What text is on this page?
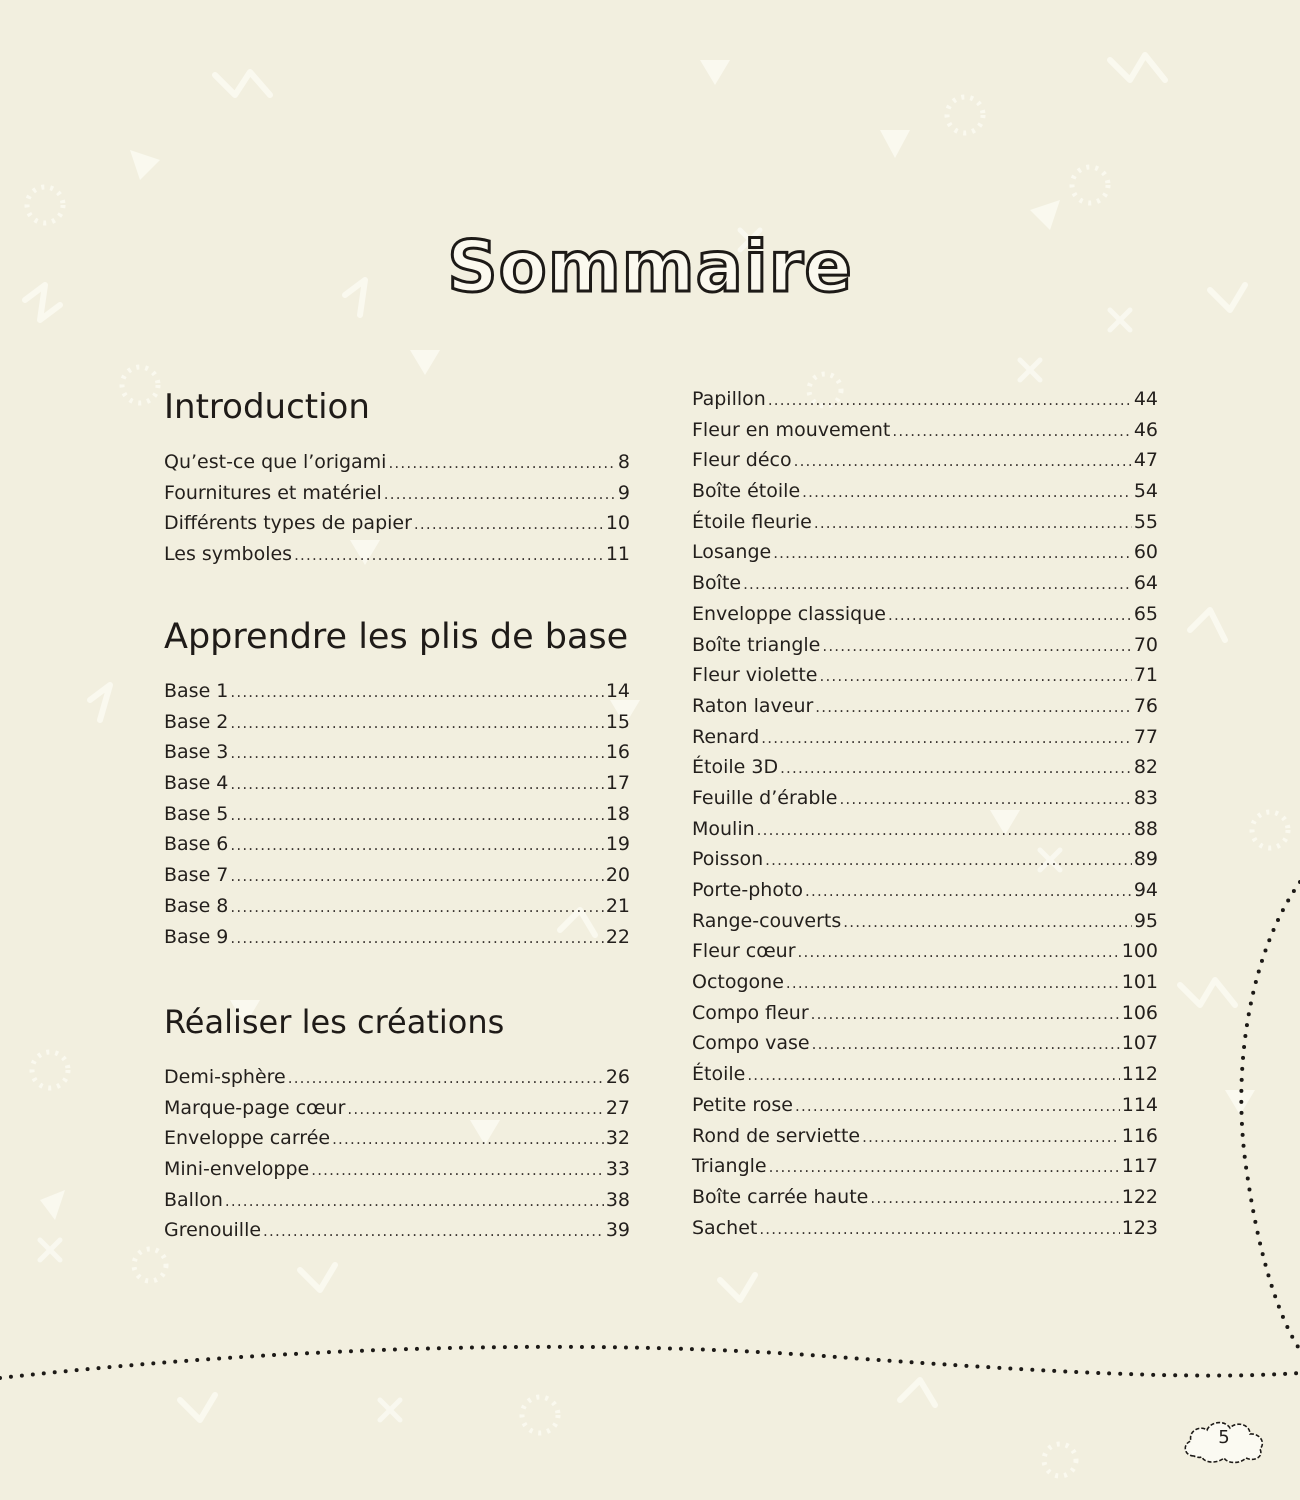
Sommaire
Introduction
Qu’est-ce que l’origami .....	8
Fournitures et matériel .....	9
Différents types de papier .....	10
Les symboles .....	11
Apprendre les plis de base
Base 1 .....	14
Base 2 .....	15
Base 3 .....	16
Base 4 .....	17
Base 5 .....	18
Base 6 .....	19
Base 7 .....	20
Base 8 .....	21
Base 9 .....	22
Réaliser les créations
Demi-sphère .....	26
Marque-page cœur .....	27
Enveloppe carrée .....	32
Mini-enveloppe .....	33
Ballon .....	38
Grenouille .....	39
Papillon .....	44
Fleur en mouvement .....	46
Fleur déco .....	47
Boîte étoile .....	54
Étoile fleurie .....	55
Losange .....	60
Boîte .....	64
Enveloppe classique .....	65
Boîte triangle .....	70
Fleur violette .....	71
Raton laveur .....	76
Renard .....	77
Étoile 3D .....	82
Feuille d’érable .....	83
Moulin .....	88
Poisson .....	89
Porte-photo .....	94
Range-couverts .....	95
Fleur cœur .....	100
Octogone .....	101
Compo fleur .....	106
Compo vase .....	107
Étoile .....	112
Petite rose .....	114
Rond de serviette .....	116
Triangle .....	117
Boîte carrée haute .....	122
Sachet .....	123
5
